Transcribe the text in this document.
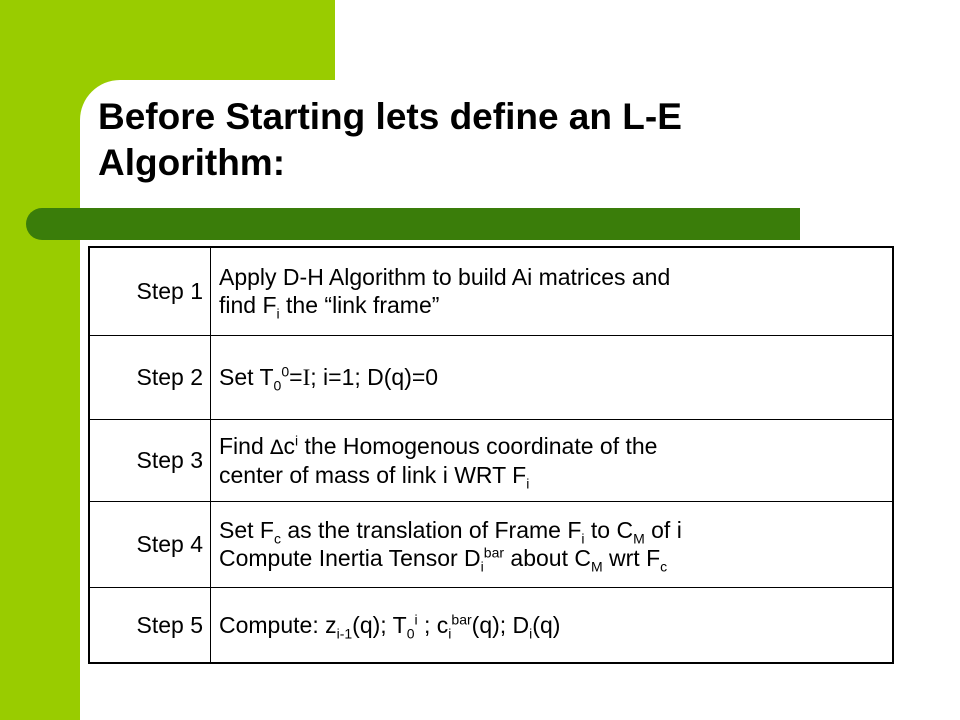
Before Starting lets define an L-E
Algorithm:
Step 1	Apply D-H Algorithm to build Ai matrices and
find $F_i$ the “link frame”
Step 2	Set $T_0^0=I$; i=1; D(q)=0
Step 3	Find $\Delta c^i$ the Homogenous coordinate of the
center of mass of link i WRT $F_i$
Step 4	Set $F_c$ as the translation of Frame $F_i$ to $C_M$ of i
Compute Inertia Tensor $D_i^{bar}$ about $C_M$ wrt $F_c$
Step 5	Compute: $z_{i-1}(q)$; $T_0^i$ ; $c_i^{bar}(q)$; $D_i(q)$
